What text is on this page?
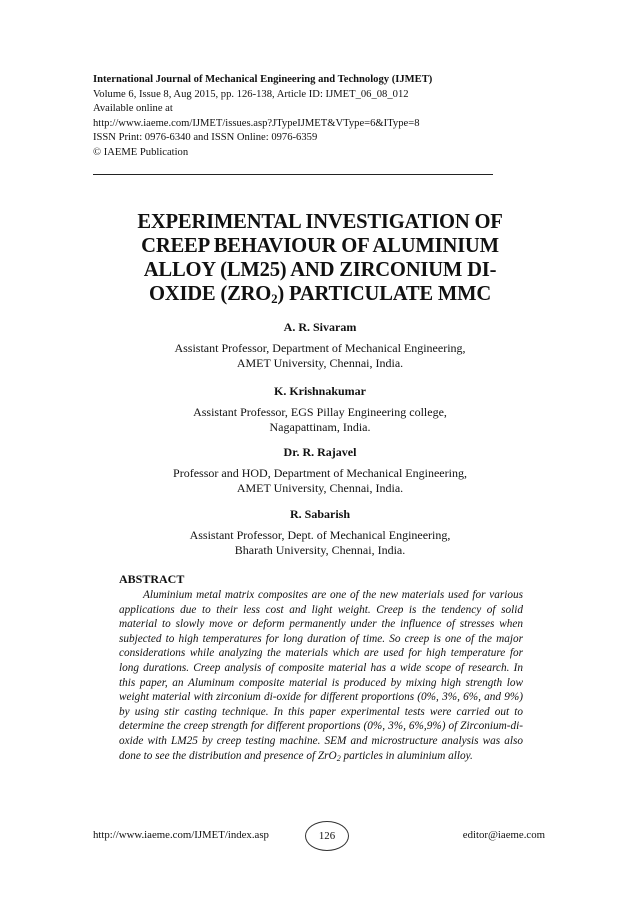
International Journal of Mechanical Engineering and Technology (IJMET)
Volume 6, Issue 8, Aug 2015, pp. 126-138, Article ID: IJMET_06_08_012
Available online at
http://www.iaeme.com/IJMET/issues.asp?JTypeIJMET&VType=6&IType=8
ISSN Print: 0976-6340 and ISSN Online: 0976-6359
© IAEME Publication
EXPERIMENTAL INVESTIGATION OF
CREEP BEHAVIOUR OF ALUMINIUM
ALLOY (LM25) AND ZIRCONIUM DI-
OXIDE $(ZRO_2)$ PARTICULATE MMC
A. R. Sivaram
Assistant Professor, Department of Mechanical Engineering,
AMET University, Chennai, India.
K. Krishnakumar
Assistant Professor, EGS Pillay Engineering college,
Nagapattinam, India.
Dr. R. Rajavel
Professor and HOD, Department of Mechanical Engineering,
AMET University, Chennai, India.
R. Sabarish
Assistant Professor, Dept. of Mechanical Engineering,
Bharath University, Chennai, India.
ABSTRACT

Aluminium metal matrix composites are one of the new materials used for various applications due to their less cost and light weight. Creep is the tendency of solid material to slowly move or deform permanently under the influence of stresses when subjected to high temperatures for long duration of time. So creep is one of the major considerations while analyzing the materials which are used for high temperature for long durations. Creep analysis of composite material has a wide scope of research. In this paper, an Aluminum composite material is produced by mixing high strength low weight material with zirconium di-oxide for different proportions (0%, 3%, 6%, and 9%) by using stir casting technique. In this paper experimental tests were carried out to determine the creep strength for different proportions (0%, 3%, 6%,9%) of Zirconium-di-oxide with LM25 by creep testing machine. SEM and microstructure analysis was also done to see the distribution and presence of ZrO$_2$ particles in aluminium alloy.

http://www.iaeme.com/IJMET/index.asp	126	editor@iaeme.com
